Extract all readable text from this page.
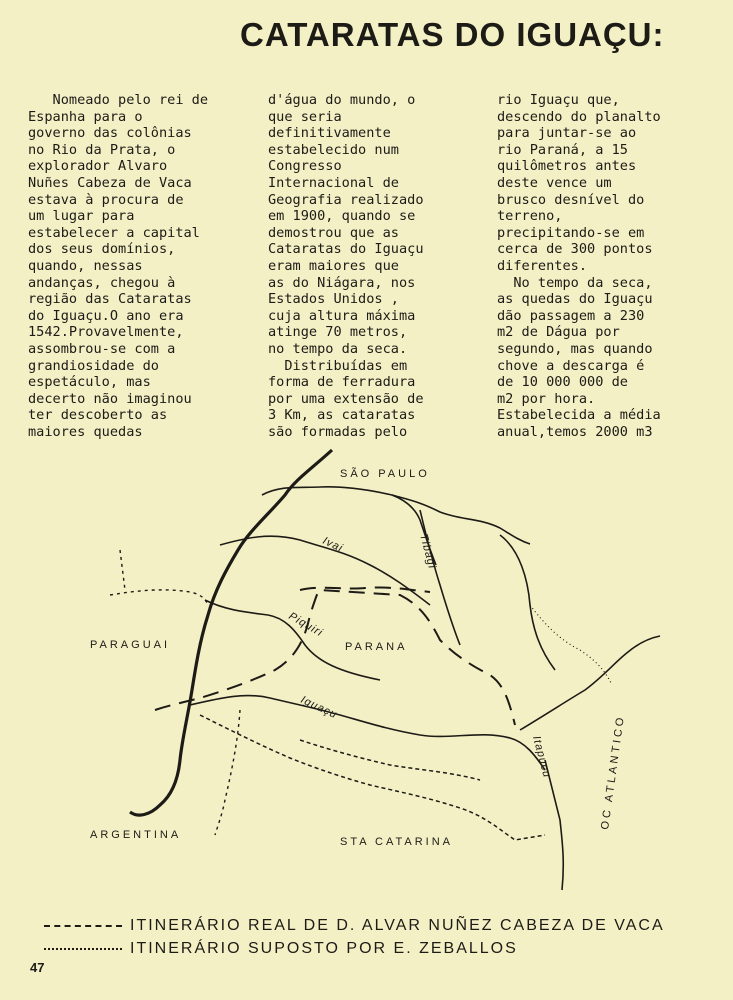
CATARATAS DO IGUAÇU:
Nomeado pelo rei de
Espanha para o
governo das colônias
no Rio da Prata, o
explorador Alvaro
Nuñes Cabeza de Vaca
estava à procura de
um lugar para
estabelecer a capital
dos seus domínios,
quando, nessas
andanças, chegou à
região das Cataratas
do Iguaçu.O ano era
1542.Provavelmente,
assombrou-se com a
grandiosidade do
espetáculo, mas
decerto não imaginou
ter descoberto as
maiores quedas
d'água do mundo, o
que seria
definitivamente
estabelecido num
Congresso
Internacional de
Geografia realizado
em 1900, quando se
demostrou que as
Cataratas do Iguaçu
eram maiores que
as do Niágara, nos
Estados Unidos ,
cuja altura máxima
atinge 70 metros,
no tempo da seca.
Distribuídas em
forma de ferradura
por uma extensão de
3 Km, as cataratas
são formadas pelo
rio Iguaçu que,
descendo do planalto
para juntar-se ao
rio Paraná, a 15
quilômetros antes
deste vence um
brusco desnível do
terreno,
precipitando-se em
cerca de 300 pontos
diferentes.
No tempo da seca,
as quedas do Iguaçu
dão passagem a 230
m2 de Dágua por
segundo, mas quando
chove a descarga é
de 10 000 000 de
m2 por hora.
Estabelecida a média
anual,temos 2000 m3
SÃO PAULO
PARAGUAI	PARANA
ARGENTINA
STA CATARINA
OC ATLANTICO
Ivai	Tibagi
Piquiri
Iguaçu
Itapucu
ITINERÁRIO REAL DE D. ALVAR NUÑEZ CABEZA DE VACA
ITINERÁRIO SUPOSTO POR E. ZEBALLOS
47
